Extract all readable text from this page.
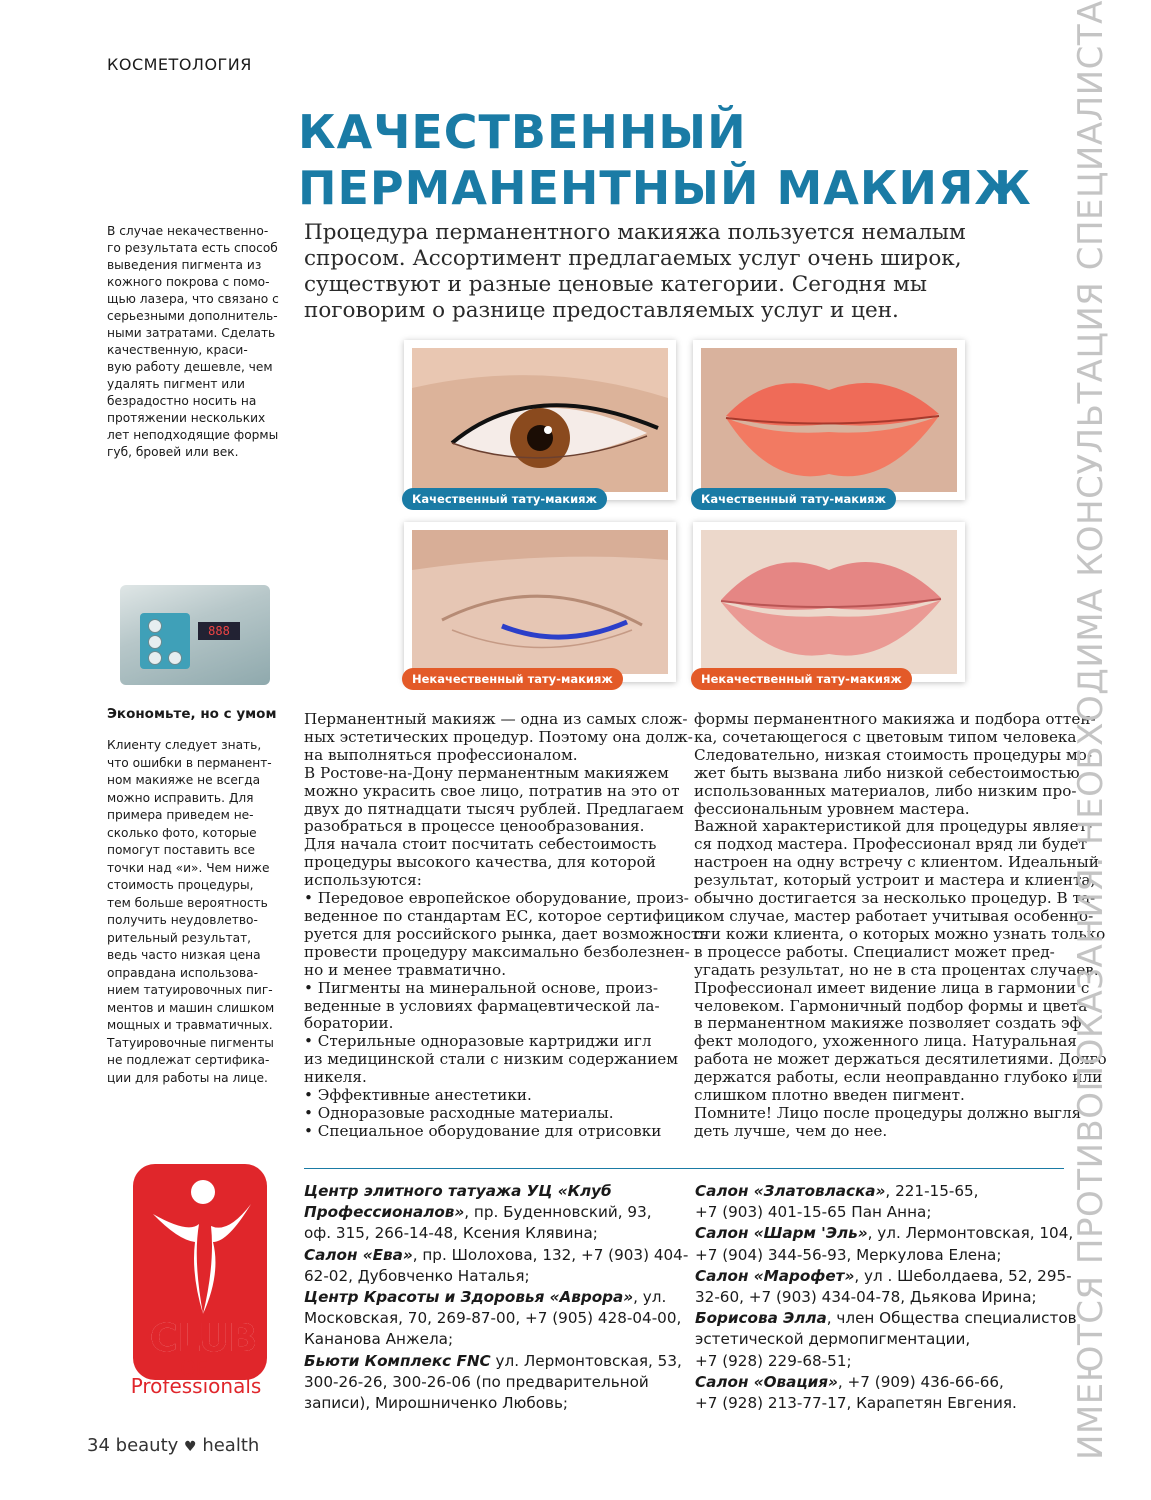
КОСМЕТОЛОГИЯ
КАЧЕСТВЕННЫЙ
ПЕРМАНЕНТНЫЙ МАКИЯЖ
Процедура перманентного макияжа пользуется немалым
спросом. Ассортимент предлагаемых услуг очень широк,
существуют и разные ценовые категории. Сегодня мы
поговорим о разнице предоставляемых услуг и цен.
В случае некачественно-
го результата есть способ
выведения пигмента из
кожного покрова с помо-
щью лазера, что связано с
серьезными дополнитель-
ными затратами. Сделать
качественную, краси-
вую работу дешевле, чем
удалять пигмент или
безрадостно носить на
протяжении нескольких
лет неподходящие формы
губ, бровей или век.
888
Экономьте, но с умом
Клиенту следует знать,
что ошибки в перманент-
ном макияже не всегда
можно исправить. Для
примера приведем не-
сколько фото, которые
помогут поставить все
точки над «и». Чем ниже
стоимость процедуры,
тем больше вероятность
получить неудовлетво-
рительный результат,
ведь часто низкая цена
оправдана использова-
нием татуировочных пиг-
ментов и машин слишком
мощных и травматичных.
Татуировочные пигменты
не подлежат сертифика-
ции для работы на лице.
Качественный тату-макияж	Качественный тату-макияж
Некачественный тату-макияж	Некачественный тату-макияж
Перманентный макияж — одна из самых слож-
ных эстетических процедур. Поэтому она долж-
на выполняться профессионалом.
В Ростове-на-Дону перманентным макияжем
можно украсить свое лицо, потратив на это от
двух до пятнадцати тысяч рублей. Предлагаем
разобраться в процессе ценообразования.
Для начала стоит посчитать себестоимость
процедуры высокого качества, для которой
используются:
• Передовое европейское оборудование, произ-
веденное по стандартам ЕС, которое сертифици-
руется для российского рынка, дает возможность
провести процедуру максимально безболезнен-
но и менее травматично.
• Пигменты на минеральной основе, произ-
веденные в условиях фармацевтической ла-
боратории.
• Стерильные одноразовые картриджи игл
из медицинской стали с низким содержанием
никеля.
• Эффективные анестетики.
• Одноразовые расходные материалы.
• Специальное оборудование для отрисовки
формы перманентного макияжа и подбора оттен-
ка, сочетающегося с цветовым типом человека.
Следовательно, низкая стоимость процедуры мо-
жет быть вызвана либо низкой себестоимостью
использованных материалов, либо низким про-
фессиональным уровнем мастера.
Важной характеристикой для процедуры являет-
ся подход мастера. Профессионал вряд ли будет
настроен на одну встречу с клиентом. Идеальный
результат, который устроит и мастера и клиента,
обычно достигается за несколько процедур. В та-
ком случае, мастер работает учитывая особенно-
сти кожи клиента, о которых можно узнать только
в процессе работы. Специалист может пред-
угадать результат, но не в ста процентах случаев.
Профессионал имеет видение лица в гармонии с
человеком. Гармоничный подбор формы и цвета
в перманентном макияже позволяет создать эф-
фект молодого, ухоженного лица. Натуральная
работа не может держаться десятилетиями. Долго
держатся работы, если неоправданно глубоко или
слишком плотно введен пигмент.
Помните! Лицо после процедуры должно выгля-
деть лучше, чем до нее.
Центр элитного татуажа УЦ «Клуб
Профессионалов», пр. Буденновский, 93,
оф. 315, 266-14-48, Ксения Клявина;
Салон «Ева», пр. Шолохова, 132, +7 (903) 404-
62-02, Дубовченко Наталья;
Центр Красоты и Здоровья «Аврора», ул.
Московская, 70, 269-87-00, +7 (905) 428-04-00,
Кананова Анжела;
Бьюти Комплекс FNC ул. Лермонтовская, 53,
300-26-26, 300-26-06 (по предварительной
записи), Мирошниченко Любовь;
Салон «Златовласка», 221-15-65,
+7 (903) 401-15-65 Пан Анна;
Салон «Шарм 'Эль», ул. Лермонтовская, 104,
+7 (904) 344-56-93, Меркулова Елена;
Салон «Марофет», ул . Шеболдаева, 52, 295-
32-60, +7 (903) 434-04-78, Дьякова Ирина;
Борисова Элла, член Общества специалистов
эстетической дермопигментации,
+7 (928) 229-68-51;
Салон «Овация», +7 (909) 436-66-66,
+7 (928) 213-77-17, Карапетян Евгения.
CLUB
OF
Professionals
34 beauty ♥ health	ИМЕЮТСЯ ПРОТИВОПОКАЗАНИЯ. НЕОБХОДИМА КОНСУЛЬТАЦИЯ СПЕЦИАЛИСТА
